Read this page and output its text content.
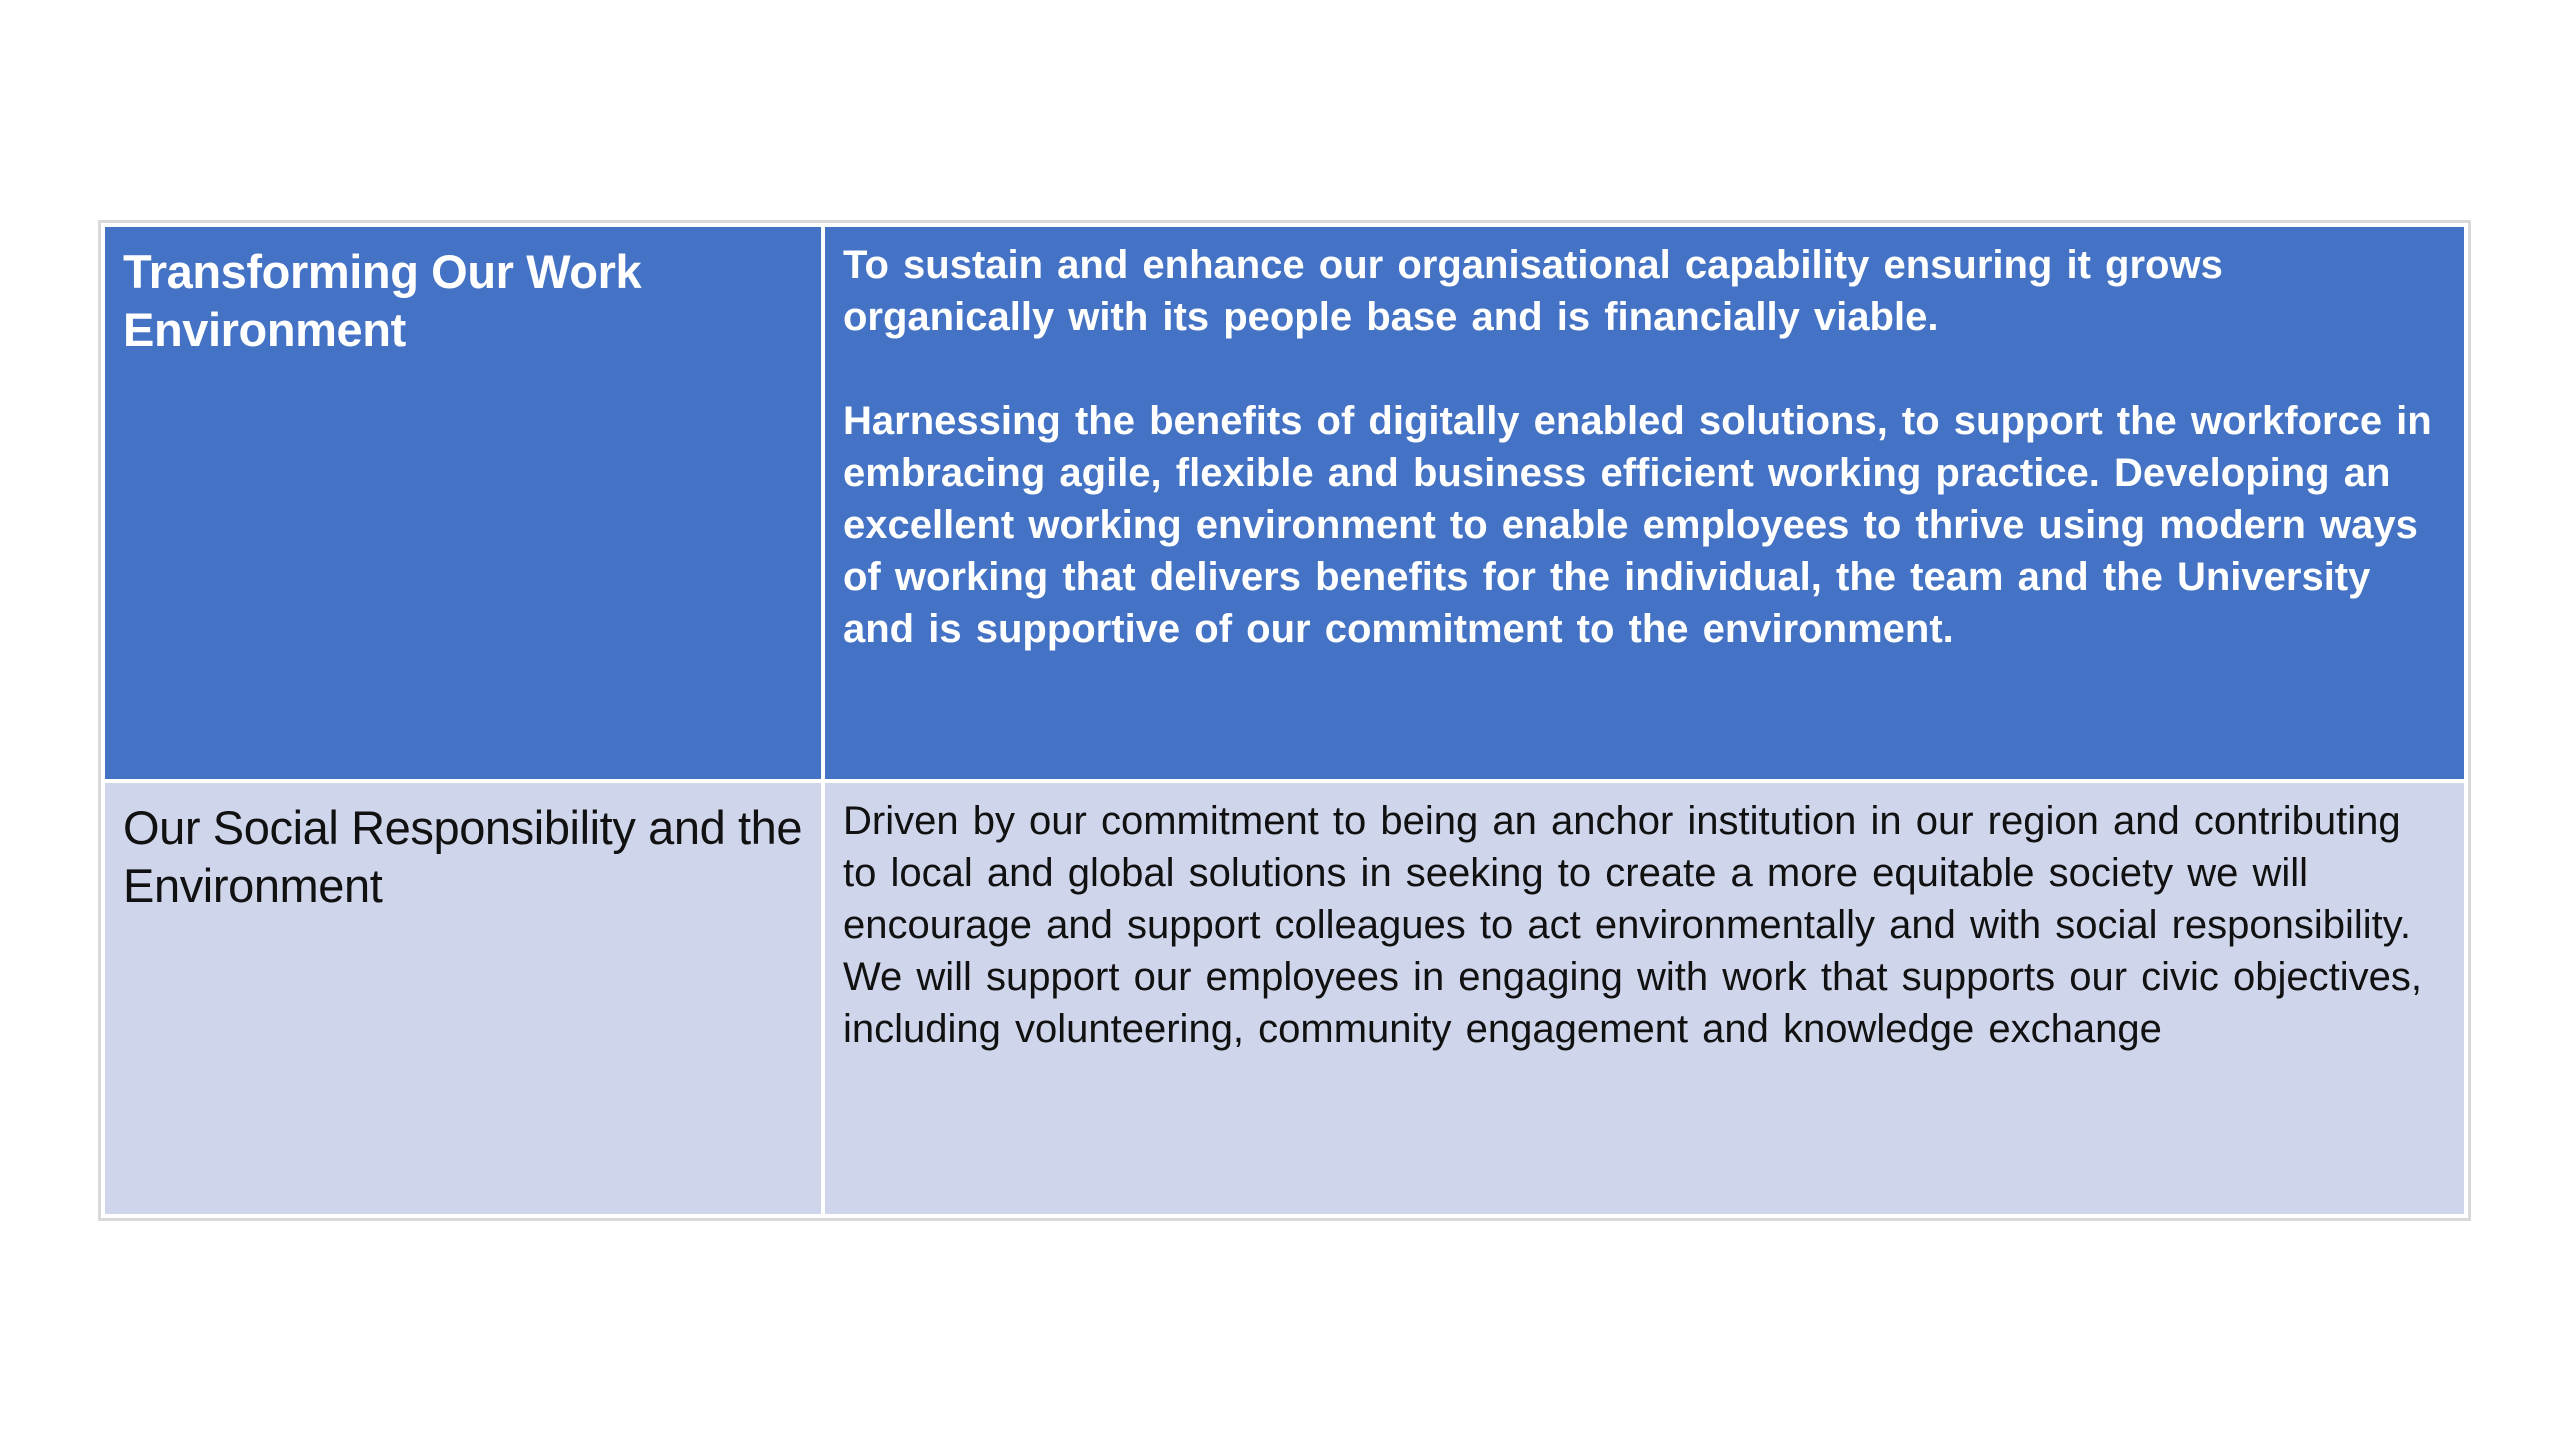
Transforming Our Work Environment	To sustain and enhance our organisational capability ensuring it grows organically with its people base and is financially viable.

Harnessing the benefits of digitally enabled solutions, to support the workforce in embracing agile, flexible and business efficient working practice. Developing an excellent working environment to enable employees to thrive using modern ways of working that delivers benefits for the individual, the team and the University and is supportive of our commitment to the environment.

Our Social Responsibility and the Environment	Driven by our commitment to being an anchor institution in our region and contributing to local and global solutions in seeking to create a more equitable society we will encourage and support colleagues to act environmentally and with social responsibility. We will support our employees in engaging with work that supports our civic objectives, including volunteering, community engagement and knowledge exchange
